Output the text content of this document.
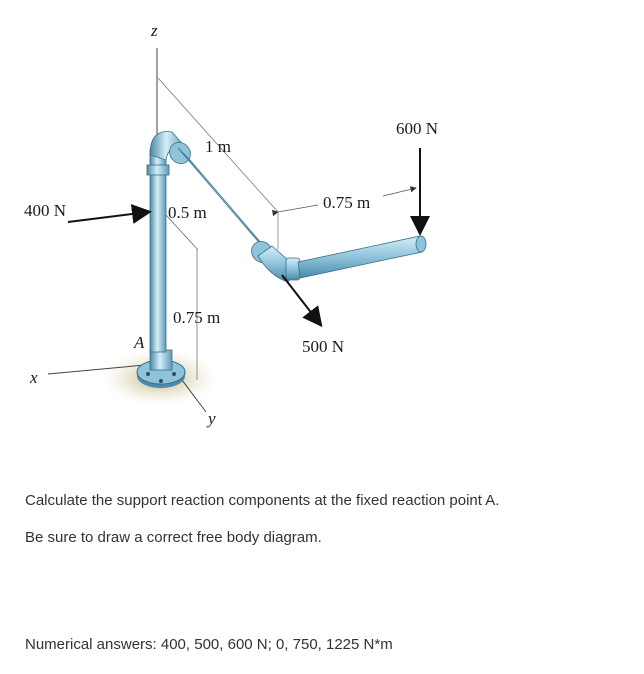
z
x
y
A
400 N
600 N
500 N
1 m
0.5 m
0.75 m
0.75 m
Calculate the support reaction components at the fixed reaction point A.
Be sure to draw a correct free body diagram.
Numerical answers: 400, 500, 600 N; 0, 750, 1225 N*m
